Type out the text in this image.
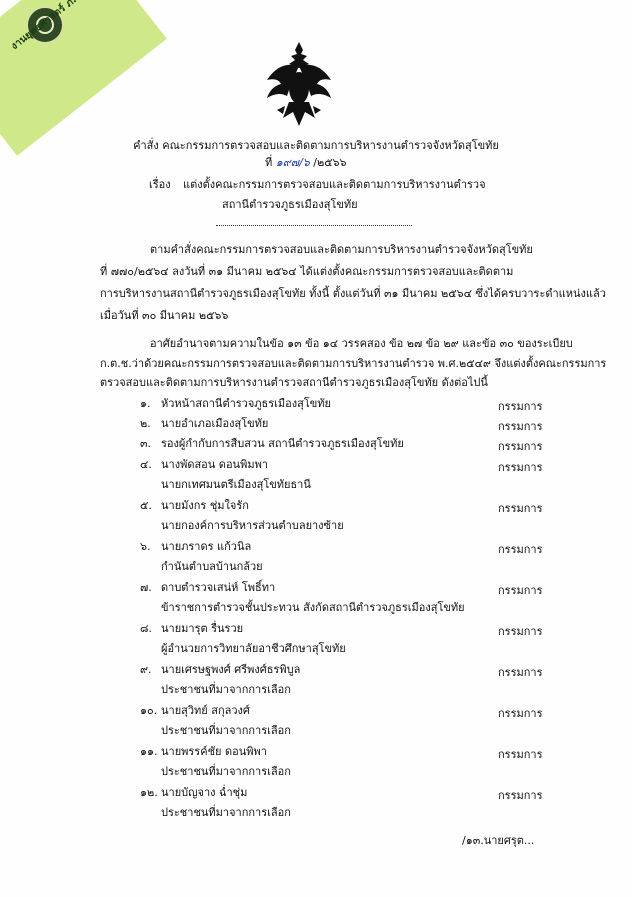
งานยุทธศาสตร์
คำสั่ง คณะกรรมการตรวจสอบและติดตามการบริหารงานตำรวจจังหวัดสุโขทัย
ที่ ๑๙๗/๖ /๒๕๖๖
เรื่อง แต่งตั้งคณะกรรมการตรวจสอบและติดตามการบริหารงานตำรวจ
สถานีตำรวจภูธรเมืองสุโขทัย
ตามคำสั่งคณะกรรมการตรวจสอบและติดตามการบริหารงานตำรวจจังหวัดสุโขทัย
ที่ ๗๗๐/๒๕๖๔ ลงวันที่ ๓๑ มีนาคม ๒๕๖๔ ได้แต่งตั้งคณะกรรมการตรวจสอบและติดตาม
การบริหารงานสถานีตำรวจภูธรเมืองสุโขทัย ทั้งนี้ ตั้งแต่วันที่ ๓๑ มีนาคม ๒๕๖๔ ซึ่งได้ครบวาระดำแหน่งแล้ว
เมื่อวันที่ ๓๐ มีนาคม ๒๕๖๖
อาศัยอำนาจตามความในข้อ ๑๓ ข้อ ๑๔ วรรคสอง ข้อ ๒๗ ข้อ ๒๙ และข้อ ๓๐ ของระเบียบ
ก.ต.ช.ว่าด้วยคณะกรรมการตรวจสอบและติดตามการบริหารงานตำรวจ พ.ศ.๒๕๔๙ จึงแต่งตั้งคณะกรรมการ
ตรวจสอบและติดตามการบริหารงานตำรวจสถานีตำรวจภูธรเมืองสุโขทัย ดังต่อไปนี้
๑. หัวหน้าสถานีตำรวจภูธรเมืองสุโขทัย	กรรมการ
๒. นายอำเภอเมืองสุโขทัย	กรรมการ
๓. รองผู้กำกับการสืบสวน สถานีตำรวจภูธรเมืองสุโขทัย	กรรมการ
๔. นางพัดสอน ดอนพิมพา	กรรมการ
นายกเทศมนตรีเมืองสุโขทัยธานี
๕. นายมังกร ชุ่มใจรัก	กรรมการ
นายกองค์การบริหารส่วนตำบลยางซ้าย
๖. นายภราดร แก้วนิล	กรรมการ
กำนันตำบลบ้านกล้วย
๗. ดาบตำรวจเสน่ห์ โพธิ์ทา	กรรมการ
ข้าราชการตำรวจชั้นประทวน สังกัดสถานีตำรวจภูธรเมืองสุโขทัย
๘. นายมารุต รื่นรวย	กรรมการ
ผู้อำนวยการวิทยาลัยอาชีวศึกษาสุโขทัย
๙. นายเศรษฐพงศ์ ศรีพงศ์ธรพิบูล	กรรมการ
ประชาชนที่มาจากการเลือก
๑๐. นายสุวิทย์ สกุลวงศ์	กรรมการ
ประชาชนที่มาจากการเลือก
๑๑. นายพรรค์ชัย ดอนพิพา	กรรมการ
ประชาชนที่มาจากการเลือก
๑๒. นายบัญจาง ฉ่ำชุ่ม	กรรมการ
ประชาชนที่มาจากการเลือก
/๑๓.นายศรุต...
